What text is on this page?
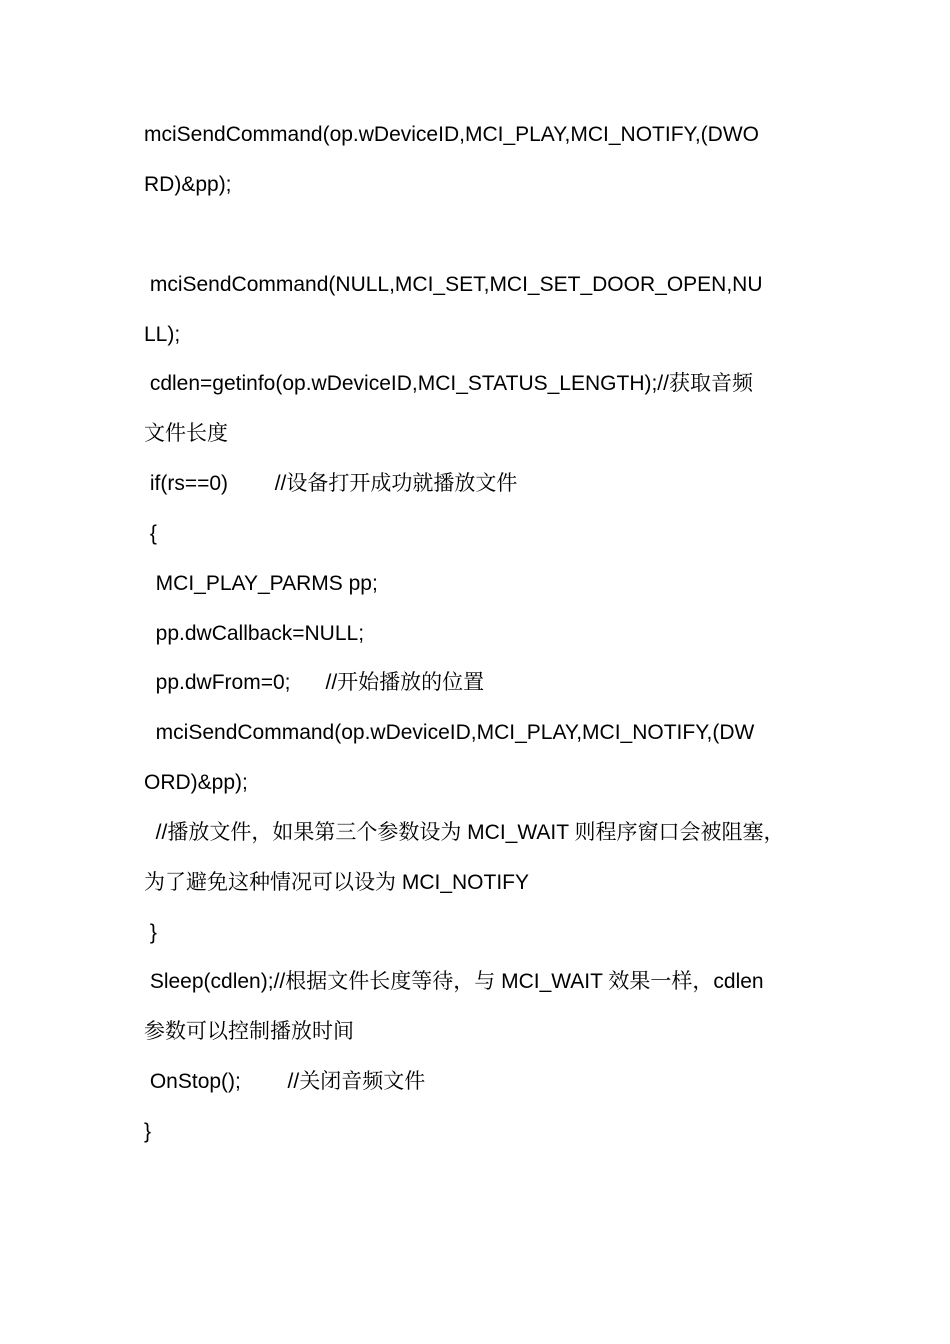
mciSendCommand(op.wDeviceID,MCI_PLAY,MCI_NOTIFY,(DWO
RD)&pp);
mciSendCommand(NULL,MCI_SET,MCI_SET_DOOR_OPEN,NU
LL);
cdlen=getinfo(op.wDeviceID,MCI_STATUS_LENGTH);//获取音频
文件长度
if(rs==0)        //设备打开成功就播放文件
{
MCI_PLAY_PARMS pp;
pp.dwCallback=NULL;
pp.dwFrom=0;      //开始播放的位置
mciSendCommand(op.wDeviceID,MCI_PLAY,MCI_NOTIFY,(DW
ORD)&pp);
//播放文件，如果第三个参数设为 MCI_WAIT 则程序窗口会被阻塞，
为了避免这种情况可以设为 MCI_NOTIFY
}
Sleep(cdlen);//根据文件长度等待，与 MCI_WAIT 效果一样，cdlen
参数可以控制播放时间
OnStop();        //关闭音频文件
}
